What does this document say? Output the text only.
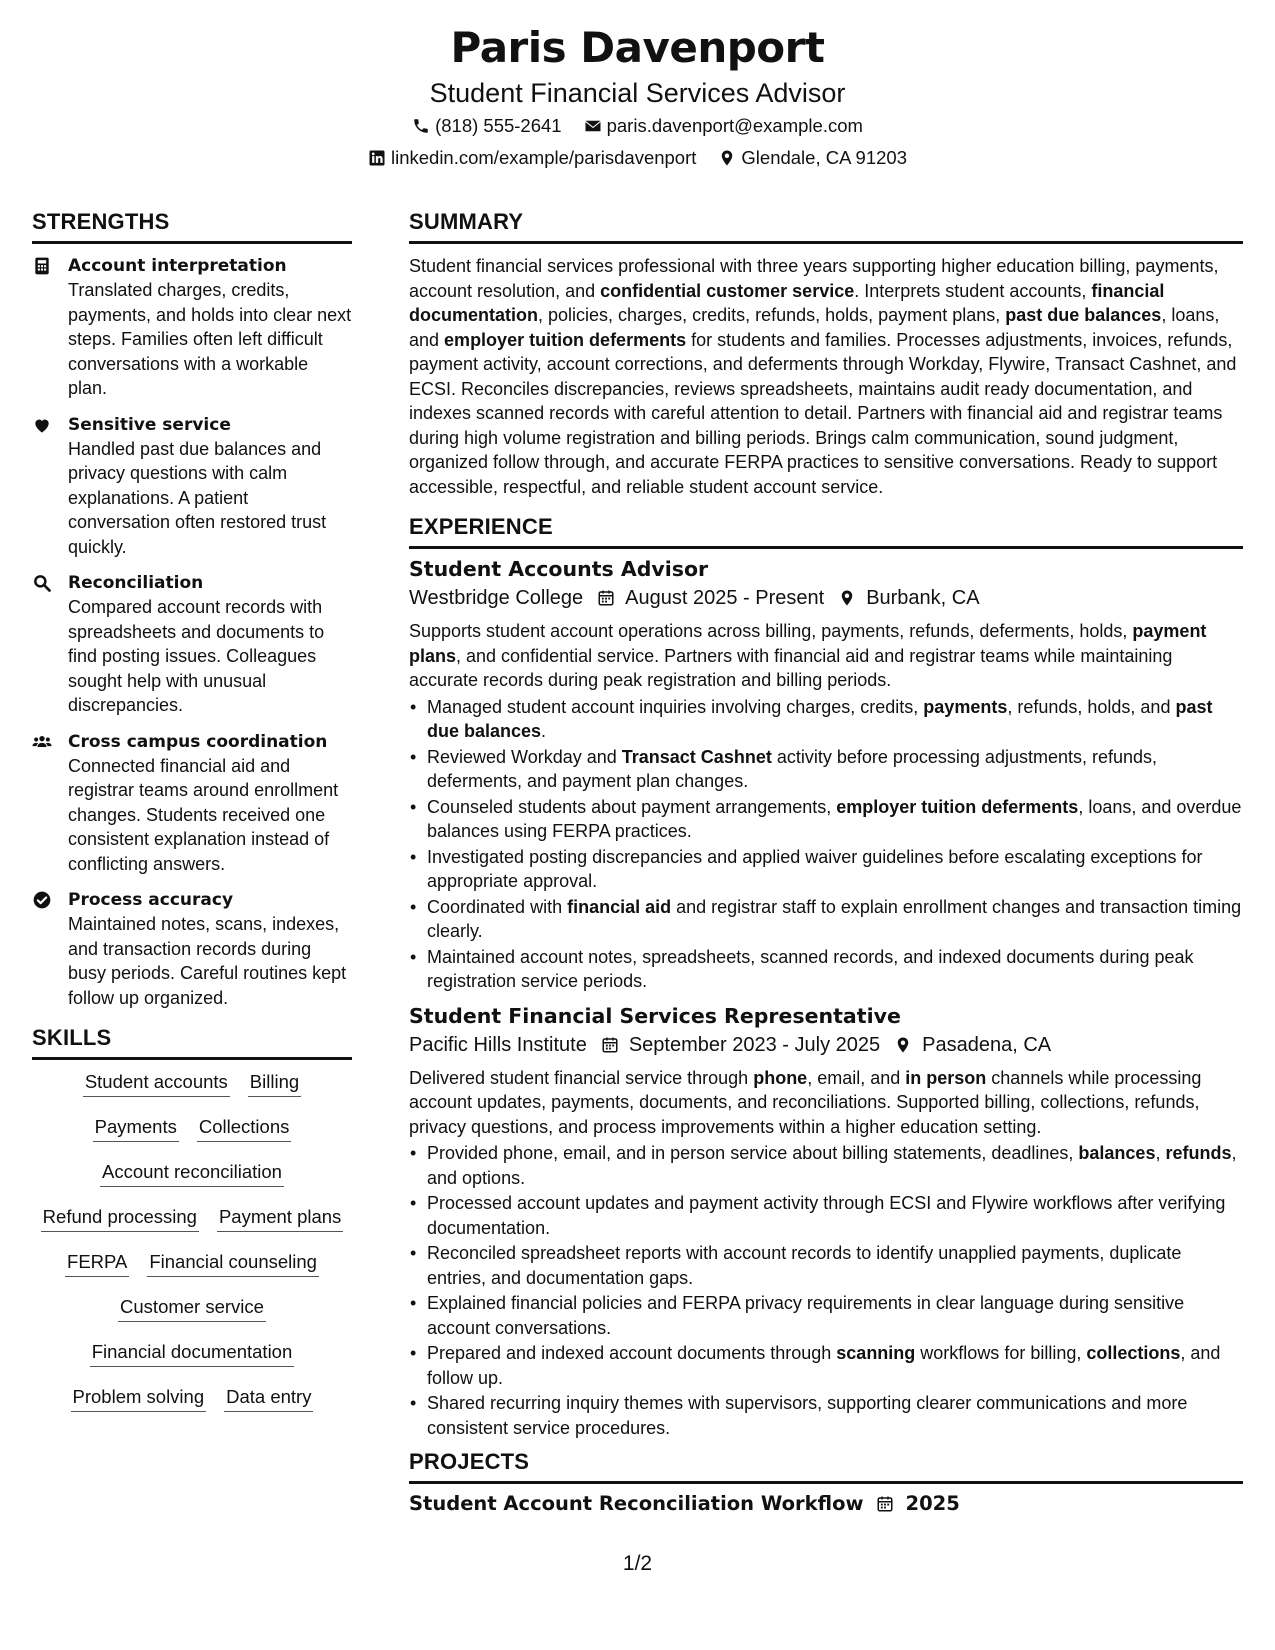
Paris Davenport
Student Financial Services Advisor
(818) 555-2641 paris.davenport@example.com
linkedin.com/example/parisdavenport Glendale, CA 91203
STRENGTHS
Account interpretation
Translated charges, credits, payments, and holds into clear next steps. Families often left difficult conversations with a workable plan.
Sensitive service
Handled past due balances and privacy questions with calm explanations. A patient conversation often restored trust quickly.
Reconciliation
Compared account records with spreadsheets and documents to find posting issues. Colleagues sought help with unusual discrepancies.
Cross campus coordination
Connected financial aid and registrar teams around enrollment changes. Students received one consistent explanation instead of conflicting answers.
Process accuracy
Maintained notes, scans, indexes, and transaction records during busy periods. Careful routines kept follow up organized.
SKILLS
Student accounts Billing
Payments Collections
Account reconciliation
Refund processing Payment plans
FERPA Financial counseling
Customer service
Financial documentation
Problem solving Data entry
SUMMARY
Student financial services professional with three years supporting higher education billing, payments, account resolution, and confidential customer service. Interprets student accounts, financial documentation, policies, charges, credits, refunds, holds, payment plans, past due balances, loans, and employer tuition deferments for students and families. Processes adjustments, invoices, refunds, payment activity, account corrections, and deferments through Workday, Flywire, Transact Cashnet, and ECSI. Reconciles discrepancies, reviews spreadsheets, maintains audit ready documentation, and indexes scanned records with careful attention to detail. Partners with financial aid and registrar teams during high volume registration and billing periods. Brings calm communication, sound judgment, organized follow through, and accurate FERPA practices to sensitive conversations. Ready to support accessible, respectful, and reliable student account service.
EXPERIENCE
Student Accounts Advisor
Westbridge College August 2025 - Present Burbank, CA
Supports student account operations across billing, payments, refunds, deferments, holds, payment plans, and confidential service. Partners with financial aid and registrar teams while maintaining accurate records during peak registration and billing periods.
• Managed student account inquiries involving charges, credits, payments, refunds, holds, and past due balances.
• Reviewed Workday and Transact Cashnet activity before processing adjustments, refunds, deferments, and payment plan changes.
• Counseled students about payment arrangements, employer tuition deferments, loans, and overdue balances using FERPA practices.
• Investigated posting discrepancies and applied waiver guidelines before escalating exceptions for appropriate approval.
• Coordinated with financial aid and registrar staff to explain enrollment changes and transaction timing clearly.
• Maintained account notes, spreadsheets, scanned records, and indexed documents during peak registration service periods.
Student Financial Services Representative
Pacific Hills Institute September 2023 - July 2025 Pasadena, CA
Delivered student financial service through phone, email, and in person channels while processing account updates, payments, documents, and reconciliations. Supported billing, collections, refunds, privacy questions, and process improvements within a higher education setting.
• Provided phone, email, and in person service about billing statements, deadlines, balances, refunds, and options.
• Processed account updates and payment activity through ECSI and Flywire workflows after verifying documentation.
• Reconciled spreadsheet reports with account records to identify unapplied payments, duplicate entries, and documentation gaps.
• Explained financial policies and FERPA privacy requirements in clear language during sensitive account conversations.
• Prepared and indexed account documents through scanning workflows for billing, collections, and follow up.
• Shared recurring inquiry themes with supervisors, supporting clearer communications and more consistent service procedures.
PROJECTS
Student Account Reconciliation Workflow 2025
1/2
